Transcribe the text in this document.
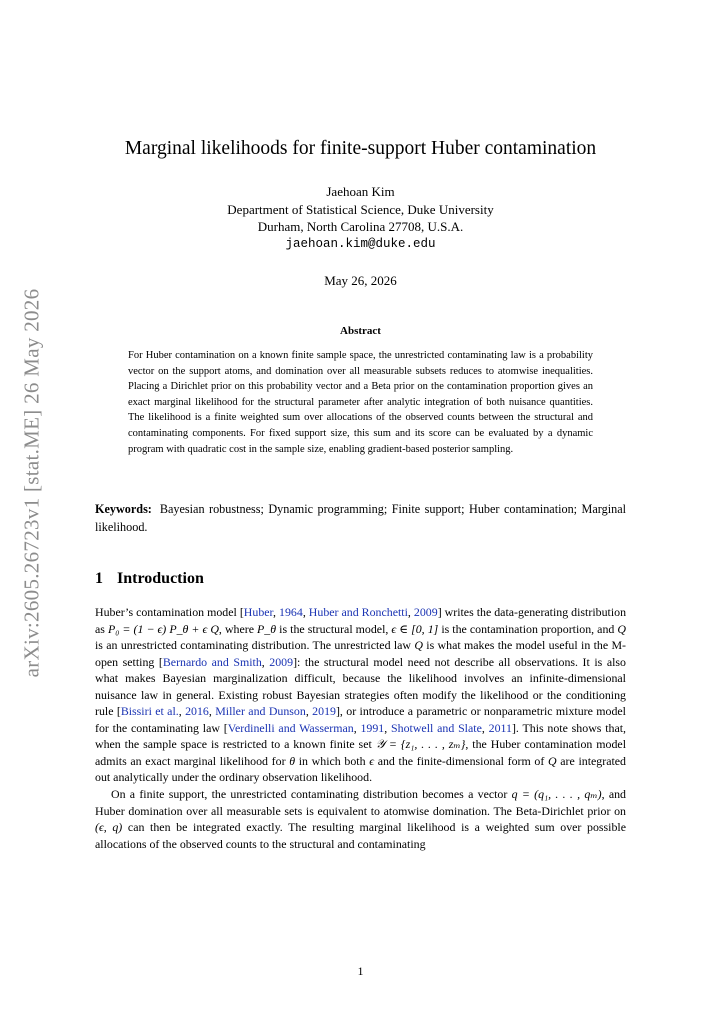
arXiv:2605.26723v1 [stat.ME] 26 May 2026
Marginal likelihoods for finite-support Huber contamination
Jaehoan Kim
Department of Statistical Science, Duke University
Durham, North Carolina 27708, U.S.A.
jaehoan.kim@duke.edu
May 26, 2026
Abstract
For Huber contamination on a known finite sample space, the unrestricted contaminating law is a probability vector on the support atoms, and domination over all measurable subsets reduces to atomwise inequalities. Placing a Dirichlet prior on this probability vector and a Beta prior on the contamination proportion gives an exact marginal likelihood for the structural parameter after analytic integration of both nuisance quantities. The likelihood is a finite weighted sum over allocations of the observed counts between the structural and contaminating components. For fixed support size, this sum and its score can be evaluated by a dynamic program with quadratic cost in the sample size, enabling gradient-based posterior sampling.
Keywords: Bayesian robustness; Dynamic programming; Finite support; Huber contamination; Marginal likelihood.
1 Introduction

Huber’s contamination model [Huber, 1964, Huber and Ronchetti, 2009] writes the data-generating distribution as P₀ = (1 − ϵ) P_θ + ϵ Q, where P_θ is the structural model, ϵ ∈ [0, 1] is the contamination proportion, and Q is an unrestricted contaminating distribution. The unrestricted law Q is what makes the model useful in the M-open setting [Bernardo and Smith, 2009]: the structural model need not describe all observations. It is also what makes Bayesian marginalization difficult, because the likelihood involves an infinite-dimensional nuisance law in general. Existing robust Bayesian strategies often modify the likelihood or the conditioning rule [Bissiri et al., 2016, Miller and Dunson, 2019], or introduce a parametric or nonparametric mixture model for the contaminating law [Verdinelli and Wasserman, 1991, Shotwell and Slate, 2011]. This note shows that, when the sample space is restricted to a known finite set 𝒴 = {z₁, . . . , zₘ}, the Huber contamination model admits an exact marginal likelihood for θ in which both ϵ and the finite-dimensional form of Q are integrated out analytically under the ordinary observation likelihood.

On a finite support, the unrestricted contaminating distribution becomes a vector q = (q₁, . . . , qₘ), and Huber domination over all measurable sets is equivalent to atomwise domination. The Beta-Dirichlet prior on (ϵ, q) can then be integrated exactly. The resulting marginal likelihood is a weighted sum over possible allocations of the observed counts to the structural and contaminating

1
